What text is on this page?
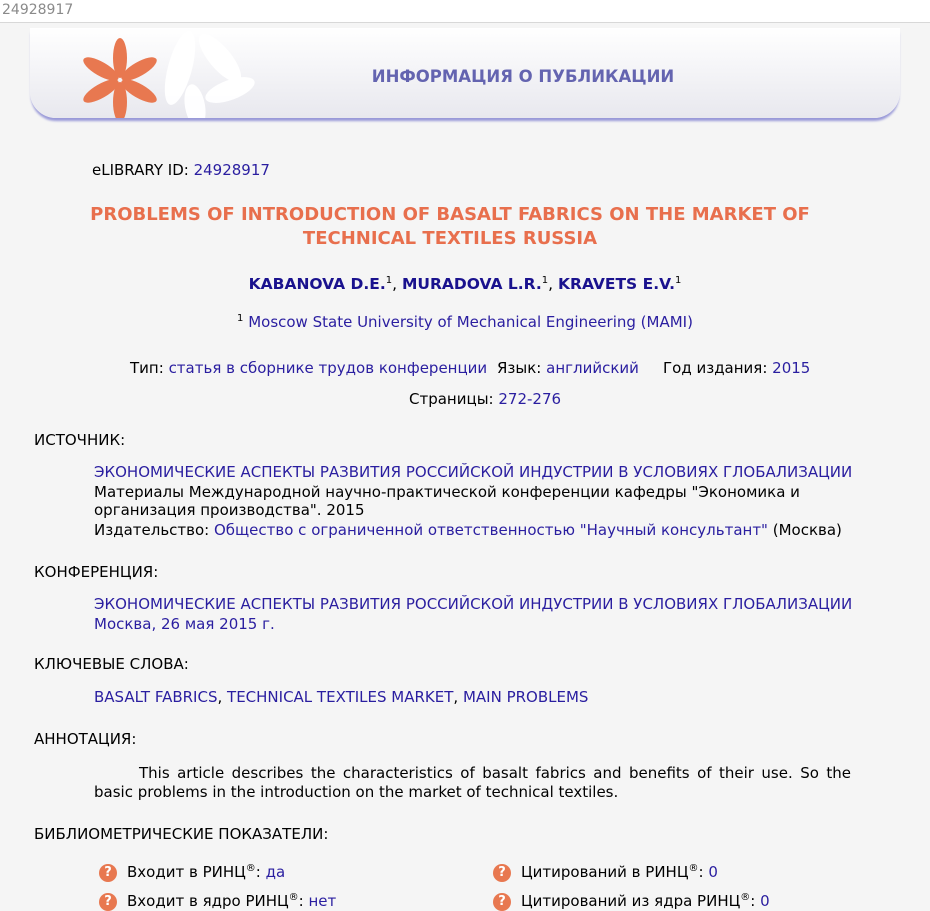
24928917
ИНФОРМАЦИЯ О ПУБЛИКАЦИИ
eLIBRARY ID: 24928917
PROBLEMS OF INTRODUCTION OF BASALT FABRICS ON THE MARKET OF
TECHNICAL TEXTILES RUSSIA
KABANOVA D.E.$^1$, MURADOVA L.R.$^1$, KRAVETS E.V.$^1$
$^1$ Moscow State University of Mechanical Engineering (MAMI)
Тип: статья в сборнике трудов конференции Язык: английский Год издания: 2015
Страницы: 272-276
ИСТОЧНИК:
ЭКОНОМИЧЕСКИЕ АСПЕКТЫ РАЗВИТИЯ РОССИЙСКОЙ ИНДУСТРИИ В УСЛОВИЯХ ГЛОБАЛИЗАЦИИ
Материалы Международной научно-практической конференции кафедры "Экономика и организация производства". 2015
Издательство: Общество с ограниченной ответственностью "Научный консультант" (Москва)
КОНФЕРЕНЦИЯ:
ЭКОНОМИЧЕСКИЕ АСПЕКТЫ РАЗВИТИЯ РОССИЙСКОЙ ИНДУСТРИИ В УСЛОВИЯХ ГЛОБАЛИЗАЦИИ
Москва, 26 мая 2015 г.
КЛЮЧЕВЫЕ СЛОВА:
BASALT FABRICS, TECHNICAL TEXTILES MARKET, MAIN PROBLEMS
АННОТАЦИЯ:
This article describes the characteristics of basalt fabrics and benefits of their use. So the basic problems in the introduction on the market of technical textiles.
БИБЛИОМЕТРИЧЕСКИЕ ПОКАЗАТЕЛИ:
? Входит в РИНЦ®: да	? Цитирований в РИНЦ®: 0
? Входит в ядро РИНЦ®: нет	? Цитирований из ядра РИНЦ®: 0
